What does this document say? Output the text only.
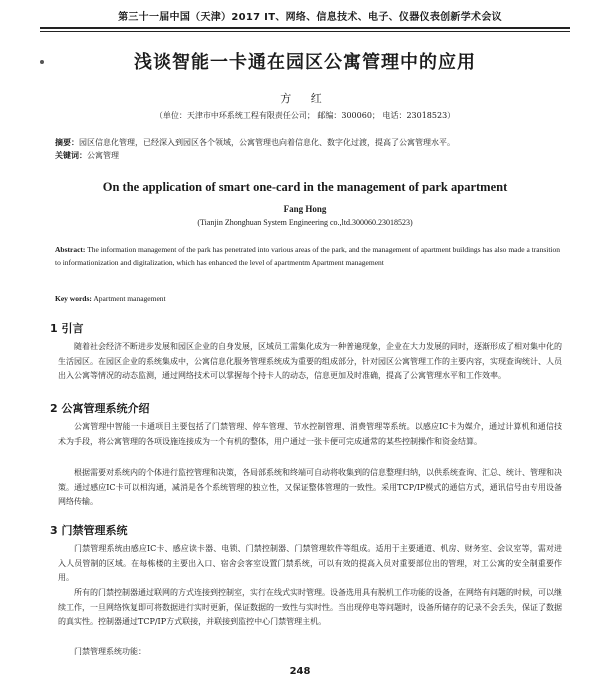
第三十一届中国（天津）2017 IT、网络、信息技术、电子、仪器仪表创新学术会议
浅谈智能一卡通在园区公寓管理中的应用
方 红
（单位：天津市中环系统工程有限责任公司； 邮编：300060； 电话：23018523）
摘要：园区信息化管理，已经深入到园区各个领域，公寓管理也向着信息化、数字化过渡，提高了公寓管理水平。
关键词：公寓管理
On the application of smart one-card in the management of park apartment
Fang Hong
(Tianjin Zhonghuan System Engineering co.,ltd.300060.23018523)
Abstract: The information management of the park has penetrated into various areas of the park, and the management of apartment buildings has also made a transition to informationization and digitalization, which has enhanced the level of apartmentm Apartment management
Key words: Apartment management
1 引言
随着社会经济不断进步发展和园区企业的自身发展，区域员工需集化成为一种普遍现象，企业在大力发展的同时，逐渐形成了相对集中化的生活园区。在园区企业的系统集成中，公寓信息化服务管理系统成为重要的组成部分，针对园区公寓管理工作的主要内容，实现查询统计、人员出入公寓等情况的动态监测，通过网络技术可以掌握每个持卡人的动态，信息更加及时准确，提高了公寓管理水平和工作效率。
2 公寓管理系统介绍
公寓管理中智能一卡通项目主要包括了门禁管理、停车管理、节水控制管理、消费管理等系统。以感应IC卡为媒介，通过计算机和通信技术为手段，将公寓管理的各项设施连接成为一个有机的整体，用户通过一张卡便可完成通常的某些控制操作和资金结算。
根据需要对系统内的个体进行监控管理和决策，各局部系统和终端可自动将收集到的信息整理归纳，以供系统查询、汇总、统计、管理和决策。通过感应IC卡可以相沟通，减消是各个系统管理的独立性，又保证整体管理的一致性。采用TCP/IP模式的通信方式，通讯信号由专用设备网络传输。
3 门禁管理系统
门禁管理系统由感应IC卡、感应读卡器、电锁、门禁控制器、门禁管理软件等组成。适用于主要通道、机房、财务室、会议室等，需对进入人员管制的区域。在每栋楼的主要出入口、宿舍会客室设置门禁系统，可以有效的提高入员对重要部位出的管理，对工公寓的安全制重要作用。
所有的门禁控制器通过联网的方式连接到控制室，实行在线式实时管理。设备选用具有脱机工作功能的设备，在网络有问题的时候，可以继续工作，一旦网络恢复即可将数据进行实时更新，保证数据的一致性与实时性。当出现停电等问题时，设备所储存的记录不会丢失，保证了数据的真实性。控制器通过TCP/IP方式联接，并联接到监控中心门禁管理主机。
门禁管理系统功能：
248
